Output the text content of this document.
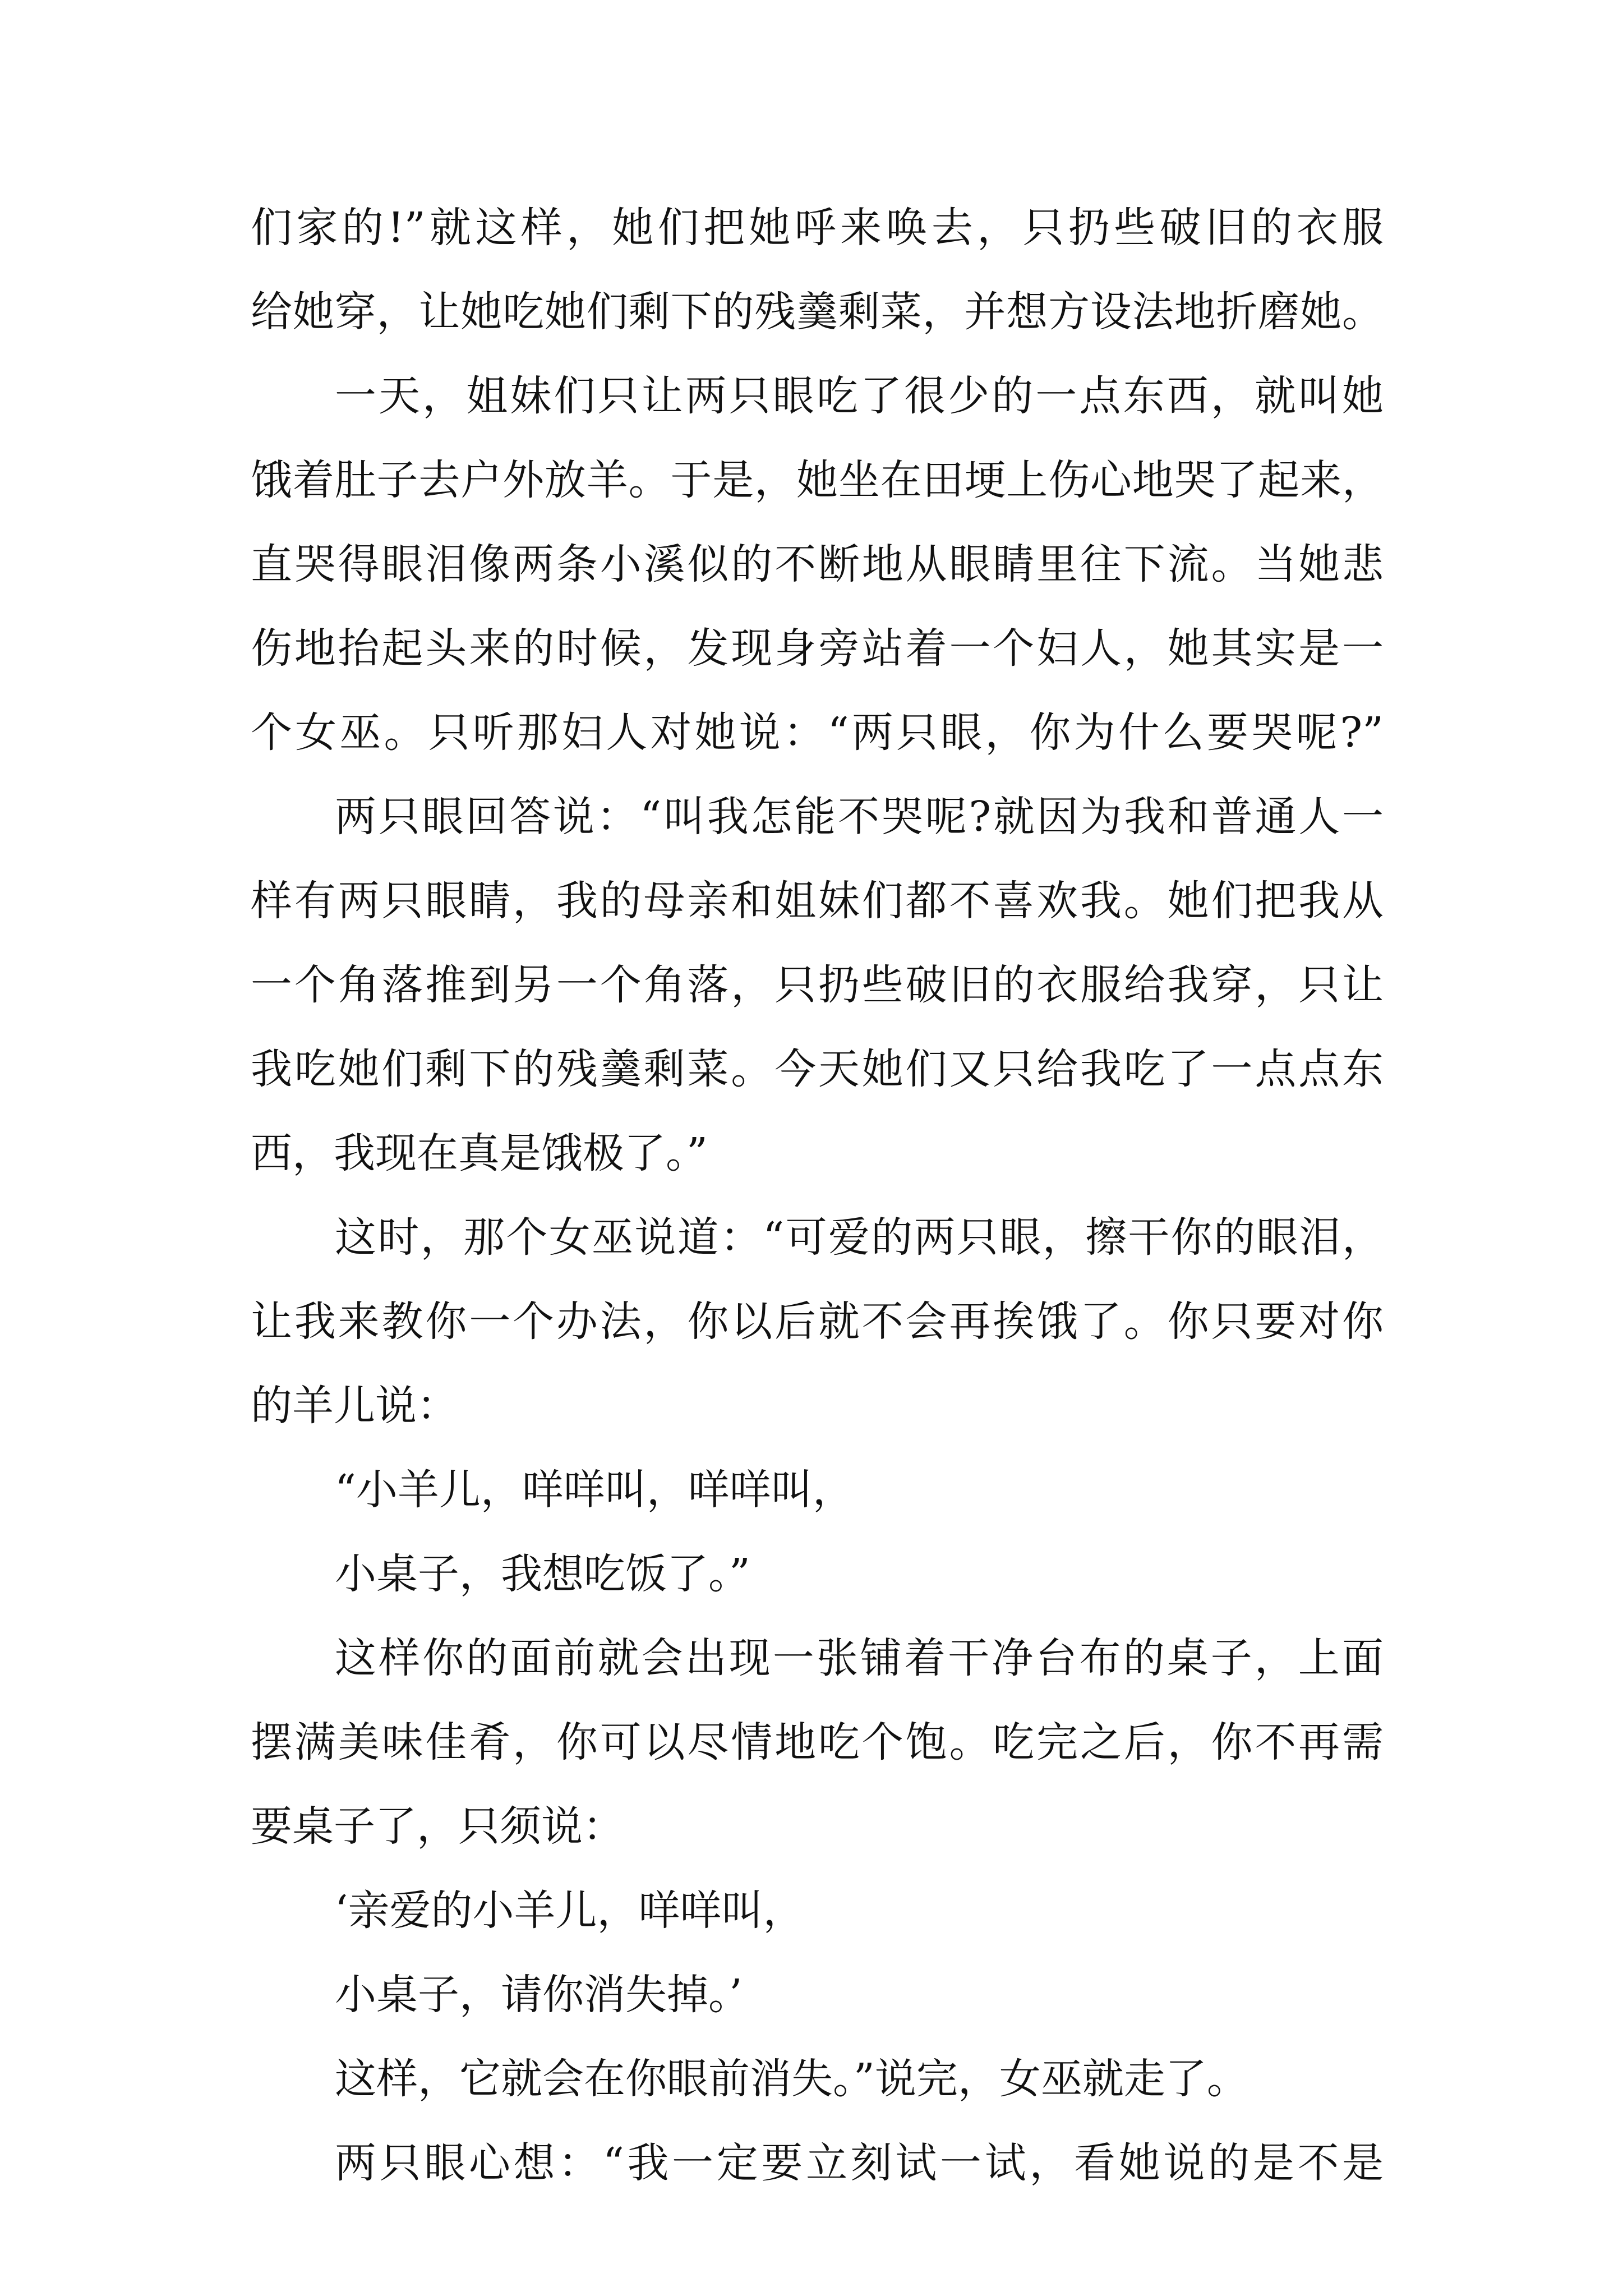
们家的!”就这样，她们把她呼来唤去，只扔些破旧的衣服
给她穿，让她吃她们剩下的残羹剩菜，并想方设法地折磨她。
一天，姐妹们只让两只眼吃了很少的一点东西，就叫她
饿着肚子去户外放羊。于是，她坐在田埂上伤心地哭了起来，
直哭得眼泪像两条小溪似的不断地从眼睛里往下流。当她悲
伤地抬起头来的时候，发现身旁站着一个妇人，她其实是一
个女巫。只听那妇人对她说：“两只眼，你为什么要哭呢?”
两只眼回答说：“叫我怎能不哭呢?就因为我和普通人一
样有两只眼睛，我的母亲和姐妹们都不喜欢我。她们把我从
一个角落推到另一个角落，只扔些破旧的衣服给我穿，只让
我吃她们剩下的残羹剩菜。今天她们又只给我吃了一点点东
西，我现在真是饿极了。”
这时，那个女巫说道：“可爱的两只眼，擦干你的眼泪，
让我来教你一个办法，你以后就不会再挨饿了。你只要对你
的羊儿说：
“小羊儿，咩咩叫，咩咩叫，
小桌子，我想吃饭了。”
这样你的面前就会出现一张铺着干净台布的桌子，上面
摆满美味佳肴，你可以尽情地吃个饱。吃完之后，你不再需
要桌子了，只须说：
‘亲爱的小羊儿，咩咩叫，
小桌子，请你消失掉。’
这样，它就会在你眼前消失。”说完，女巫就走了。
两只眼心想：“我一定要立刻试一试，看她说的是不是
